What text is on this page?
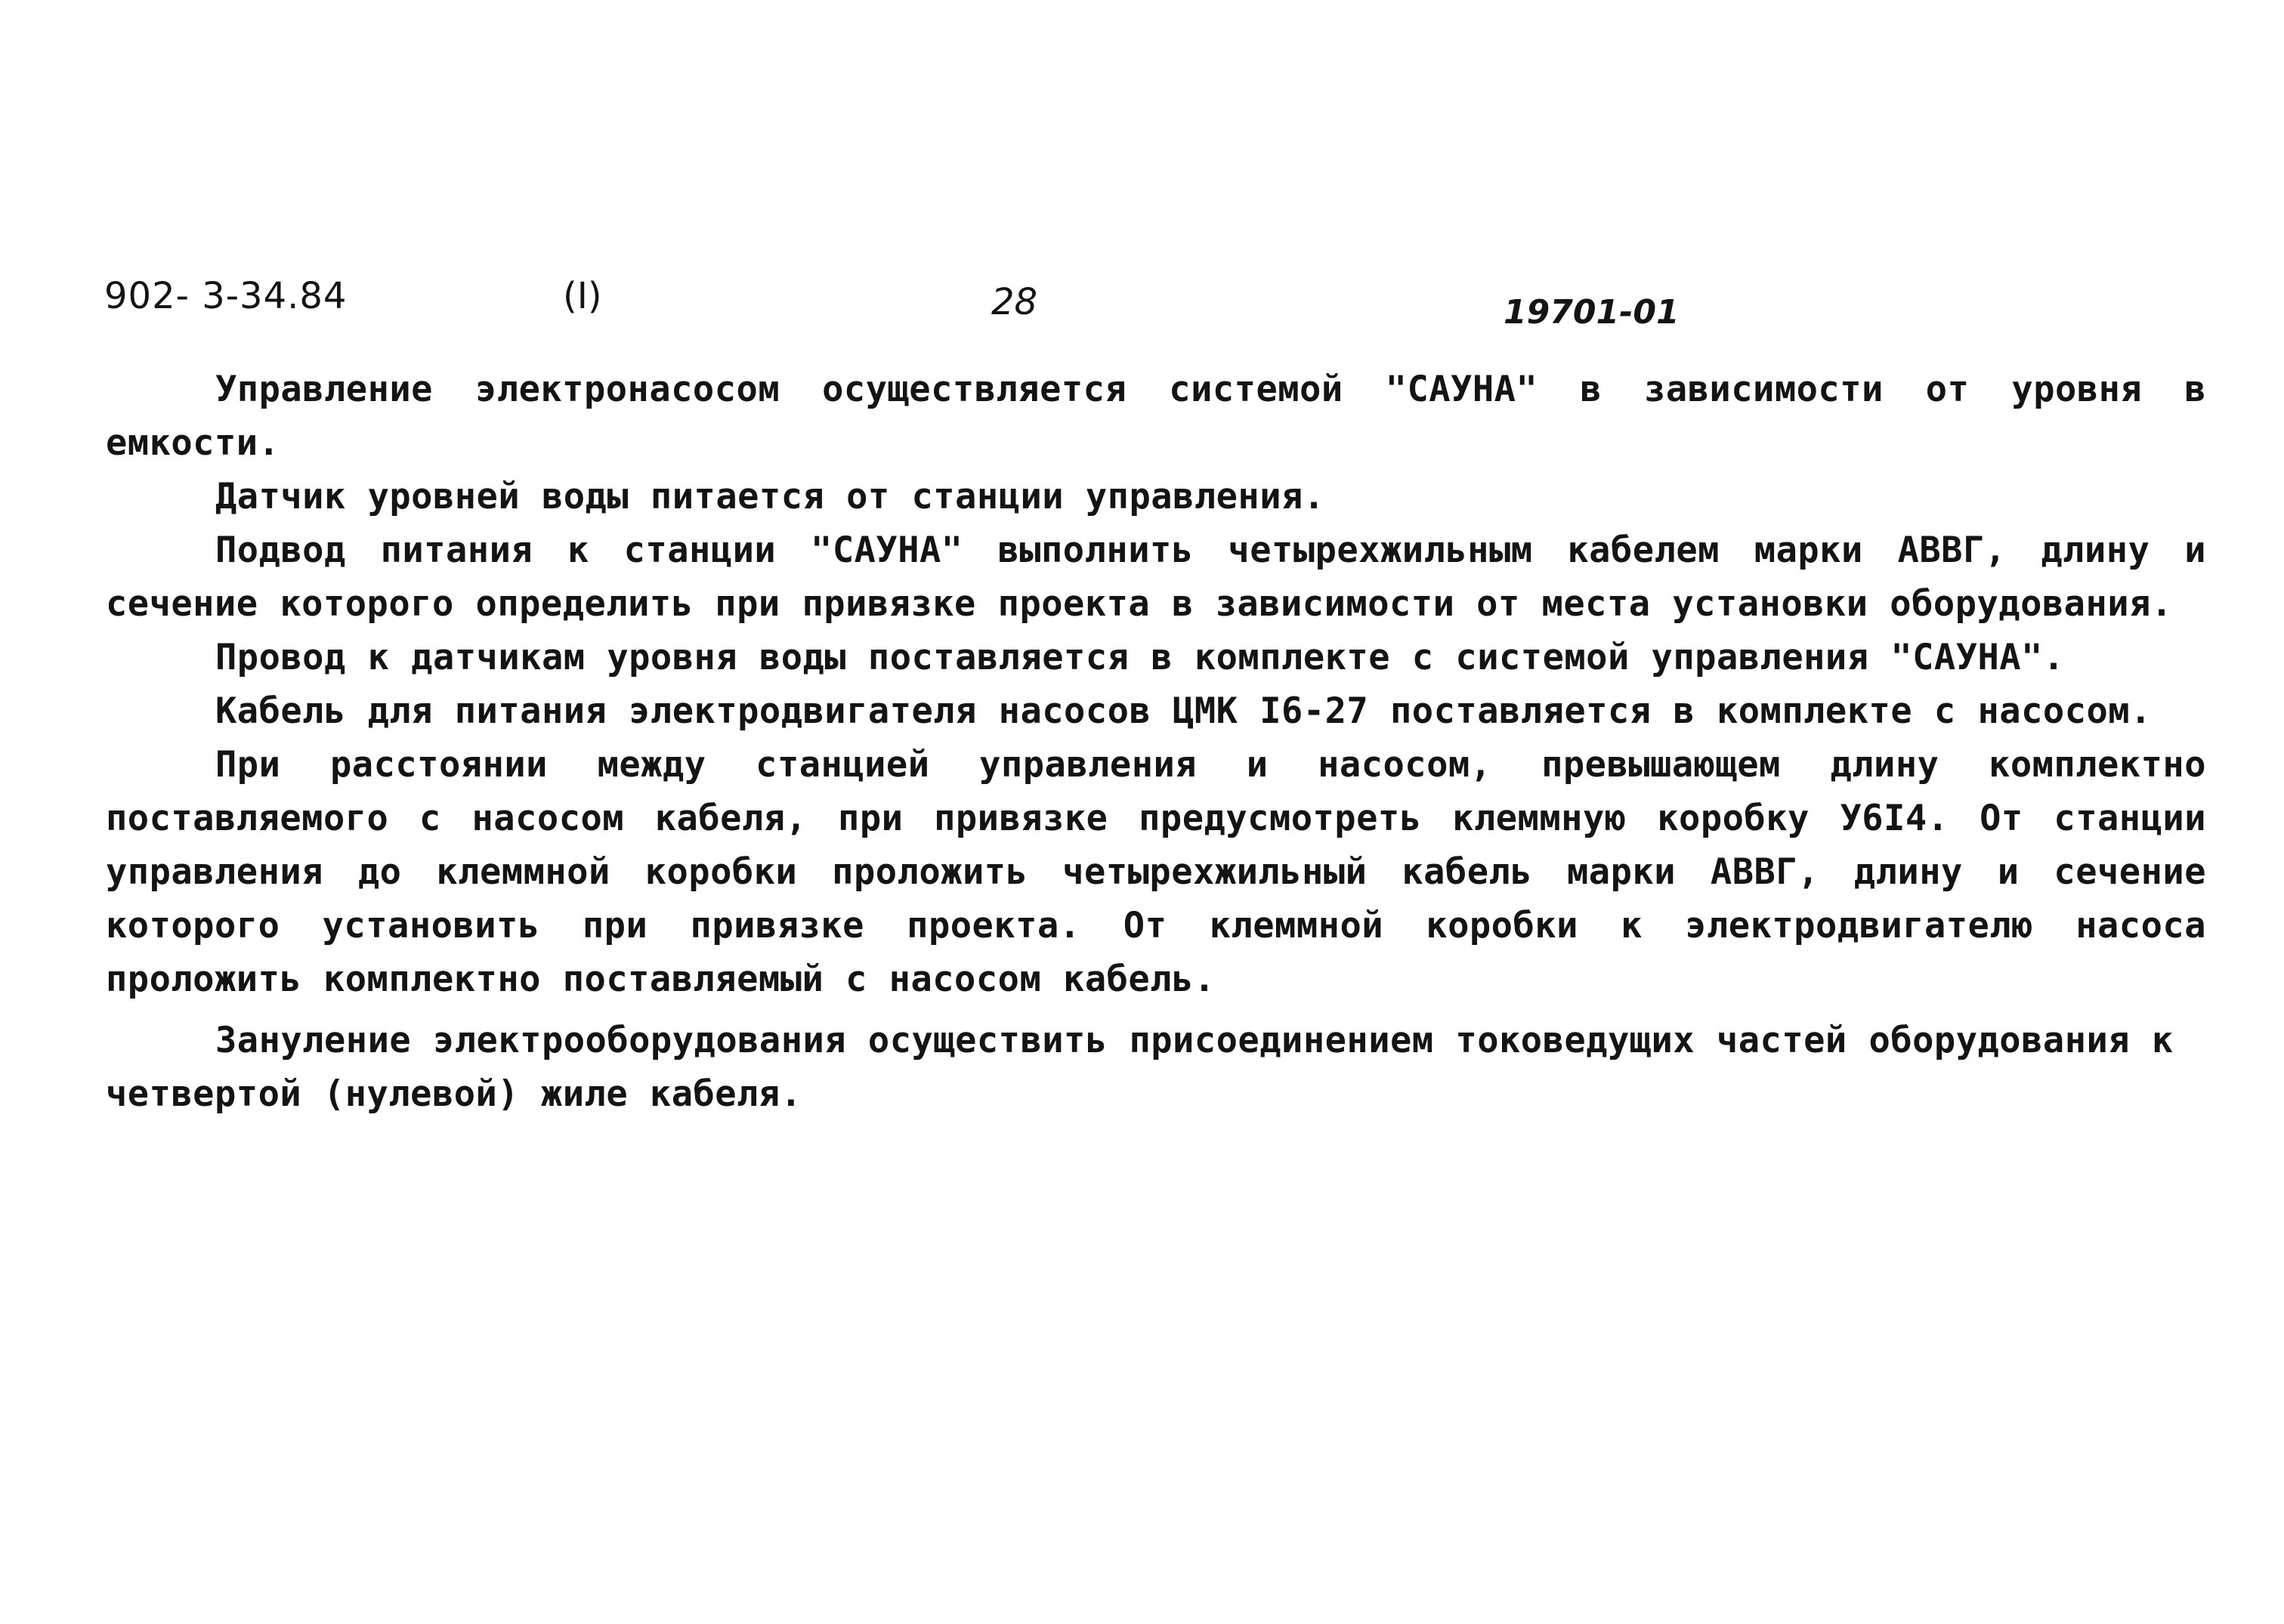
902- 3-34.84	(I)	28	19701-01

Управление электронасосом осуществляется системой "САУНА" в зависимости от уровня в емкости.

Датчик уровней воды питается от станции управления.

Подвод питания к станции "САУНА" выполнить четырехжильным кабелем марки АВВГ, длину и сечение которого определить при привязке проекта в зависимости от места установки оборудования.

Провод к датчикам уровня воды поставляется в комплекте с системой управления "САУНА".

Кабель для питания электродвигателя насосов ЦМК I6-27 поставляется в комплекте с насосом.

При расстоянии между станцией управления и насосом, превышающем длину комплектно поставляемого с насосом кабеля, при привязке предусмотреть клеммную коробку У6I4. От станции управления до клеммной коробки проложить четырехжильный кабель марки АВВГ, длину и сечение которого установить при привязке проекта. От клеммной коробки к электродвигателю насоса проложить комплектно поставляемый с насосом кабель.

Зануление электрооборудования осуществить присоединением токоведущих частей оборудования к четвертой (нулевой) жиле кабеля.
